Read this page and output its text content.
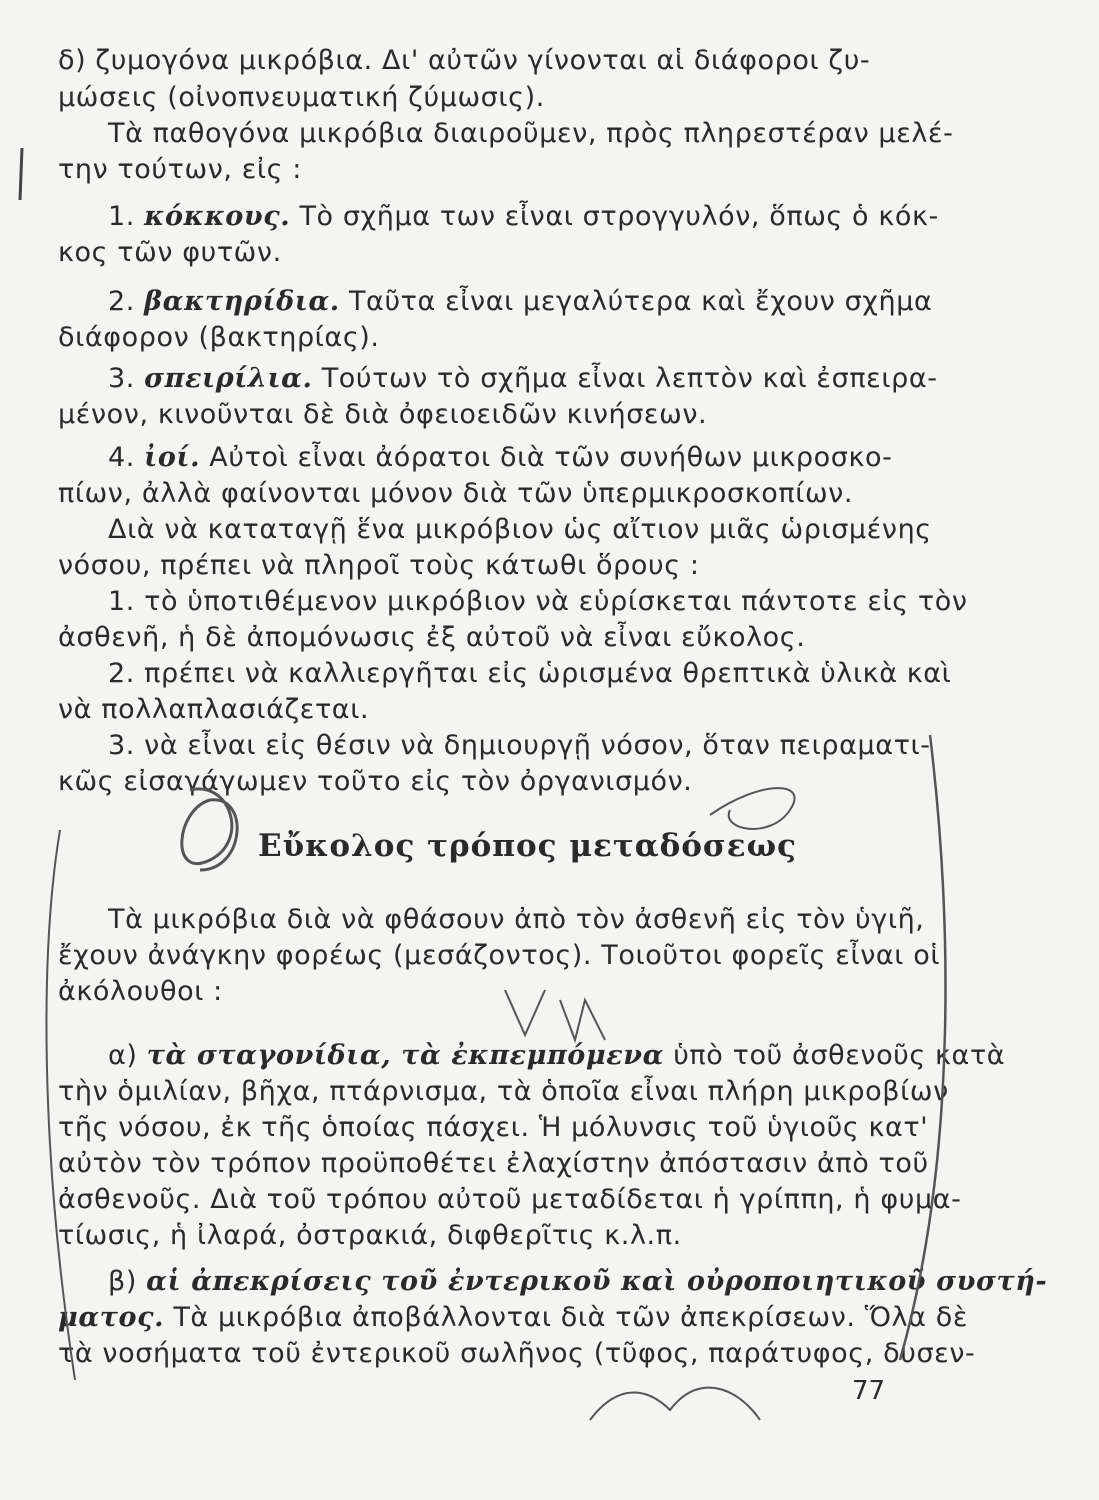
δ) ζυμογόνα μικρόβια. Δι' αὐτῶν γίνονται αἱ διάφοροι ζυ-
μώσεις (οἰνοπνευματική ζύμωσις).
Τὰ παθογόνα μικρόβια διαιροῦμεν, πρὸς πληρεστέραν μελέ-
την τούτων, εἰς :
1. κόκκους. Τὸ σχῆμα των εἶναι στρογγυλόν, ὅπως ὁ κόκ-
κος τῶν φυτῶν.
2. βακτηρίδια. Ταῦτα εἶναι μεγαλύτερα καὶ ἔχουν σχῆμα
διάφορον (βακτηρίας).
3. σπειρίλια. Τούτων τὸ σχῆμα εἶναι λεπτὸν καὶ ἐσπειρα-
μένον, κινοῦνται δὲ διὰ ὀφειοειδῶν κινήσεων.
4. ἰοί. Αὐτοὶ εἶναι ἀόρατοι διὰ τῶν συνήθων μικροσκο-
πίων, ἀλλὰ φαίνονται μόνον διὰ τῶν ὑπερμικροσκοπίων.
Διὰ νὰ καταταγῇ ἕνα μικρόβιον ὡς αἴτιον μιᾶς ὡρισμένης
νόσου, πρέπει νὰ πληροῖ τοὺς κάτωθι ὅρους :
1. τὸ ὑποτιθέμενον μικρόβιον νὰ εὑρίσκεται πάντοτε εἰς τὸν
ἀσθενῆ, ἡ δὲ ἀπομόνωσις ἐξ αὐτοῦ νὰ εἶναι εὔκολος.
2. πρέπει νὰ καλλιεργῆται εἰς ὡρισμένα θρεπτικὰ ὑλικὰ καὶ
νὰ πολλαπλασιάζεται.
3. νὰ εἶναι εἰς θέσιν νὰ δημιουργῇ νόσον, ὅταν πειραματι-
κῶς εἰσαγάγωμεν τοῦτο εἰς τὸν ὀργανισμόν.
Εὔκολος τρόπος μεταδόσεως
Τὰ μικρόβια διὰ νὰ φθάσουν ἀπὸ τὸν ἀσθενῆ εἰς τὸν ὑγιῆ,
ἔχουν ἀνάγκην φορέως (μεσάζοντος). Τοιοῦτοι φορεῖς εἶναι οἱ
ἀκόλουθοι :
α) τὰ σταγονίδια, τὰ ἐκπεμπόμενα ὑπὸ τοῦ ἀσθενοῦς κατὰ
τὴν ὁμιλίαν, βῆχα, πτάρνισμα, τὰ ὁποῖα εἶναι πλήρη μικροβίων
τῆς νόσου, ἐκ τῆς ὁποίας πάσχει. Ἡ μόλυνσις τοῦ ὑγιοῦς κατ'
αὐτὸν τὸν τρόπον προϋποθέτει ἐλαχίστην ἀπόστασιν ἀπὸ τοῦ
ἀσθενοῦς. Διὰ τοῦ τρόπου αὐτοῦ μεταδίδεται ἡ γρίππη, ἡ φυμα-
τίωσις, ἡ ἰλαρά, ὀστρακιά, διφθερῖτις κ.λ.π.
β) αἱ ἀπεκρίσεις τοῦ ἐντερικοῦ καὶ οὐροποιητικοῦ συστή-
ματος. Τὰ μικρόβια ἀποβάλλονται διὰ τῶν ἀπεκρίσεων. Ὅλα δὲ
τὰ νοσήματα τοῦ ἐντερικοῦ σωλῆνος (τῦφος, παράτυφος, δυσεν-
77
